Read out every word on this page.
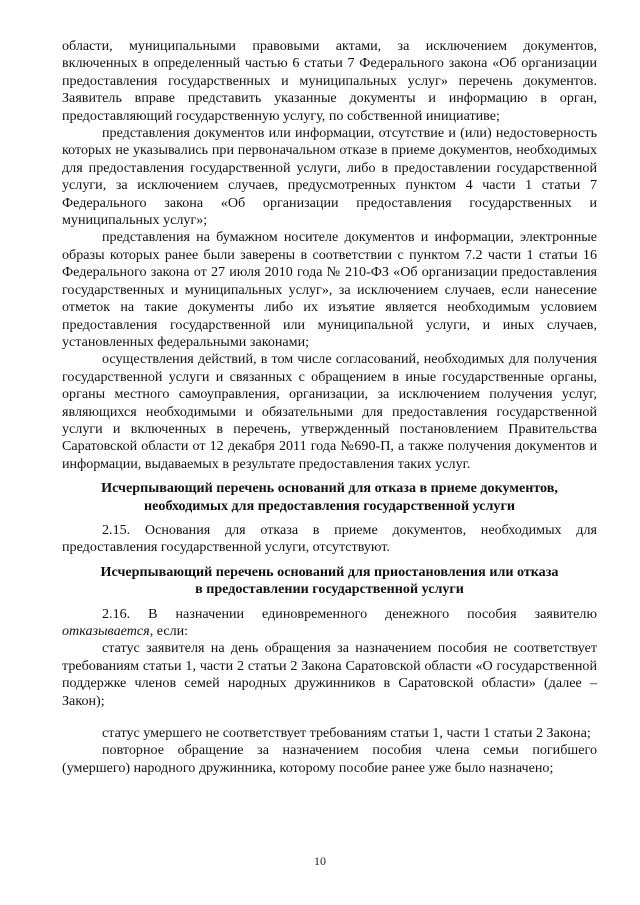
области, муниципальными правовыми актами, за исключением документов, включенных в определенный частью 6 статьи 7 Федерального закона «Об организации предоставления государственных и муниципальных услуг» перечень документов. Заявитель вправе представить указанные документы и информацию в орган, предоставляющий государственную услугу, по собственной инициативе;

представления документов или информации, отсутствие и (или) недостоверность которых не указывались при первоначальном отказе в приеме документов, необходимых для предоставления государственной услуги, либо в предоставлении государственной услуги, за исключением случаев, предусмотренных пунктом 4 части 1 статьи 7 Федерального закона «Об организации предоставления государственных и муниципальных услуг»;

представления на бумажном носителе документов и информации, электронные образы которых ранее были заверены в соответствии с пунктом 7.2 части 1 статьи 16 Федерального закона от 27 июля 2010 года № 210-ФЗ «Об организации предоставления государственных и муниципальных услуг», за исключением случаев, если нанесение отметок на такие документы либо их изъятие является необходимым условием предоставления государственной или муниципальной услуги, и иных случаев, установленных федеральными законами;

осуществления действий, в том числе согласований, необходимых для получения государственной услуги и связанных с обращением в иные государственные органы, органы местного самоуправления, организации, за исключением получения услуг, являющихся необходимыми и обязательными для предоставления государственной услуги и включенных в перечень, утвержденный постановлением Правительства Саратовской области от 12 декабря 2011 года №690-П, а также получения документов и информации, выдаваемых в результате предоставления таких услуг.

Исчерпывающий перечень оснований для отказа в приеме документов,
необходимых для предоставления государственной услуги

2.15. Основания для отказа в приеме документов, необходимых для предоставления государственной услуги, отсутствуют.

Исчерпывающий перечень оснований для приостановления или отказа
в предоставлении государственной услуги

2.16. В назначении единовременного денежного пособия заявителю отказывается, если:

статус заявителя на день обращения за назначением пособия не соответствует требованиям статьи 1, части 2 статьи 2 Закона Саратовской области «О государственной поддержке членов семей народных дружинников в Саратовской области» (далее – Закон);

статус умершего не соответствует требованиям статьи 1, части 1 статьи 2 Закона;

повторное обращение за назначением пособия члена семьи погибшего (умершего) народного дружинника, которому пособие ранее уже было назначено;

10
